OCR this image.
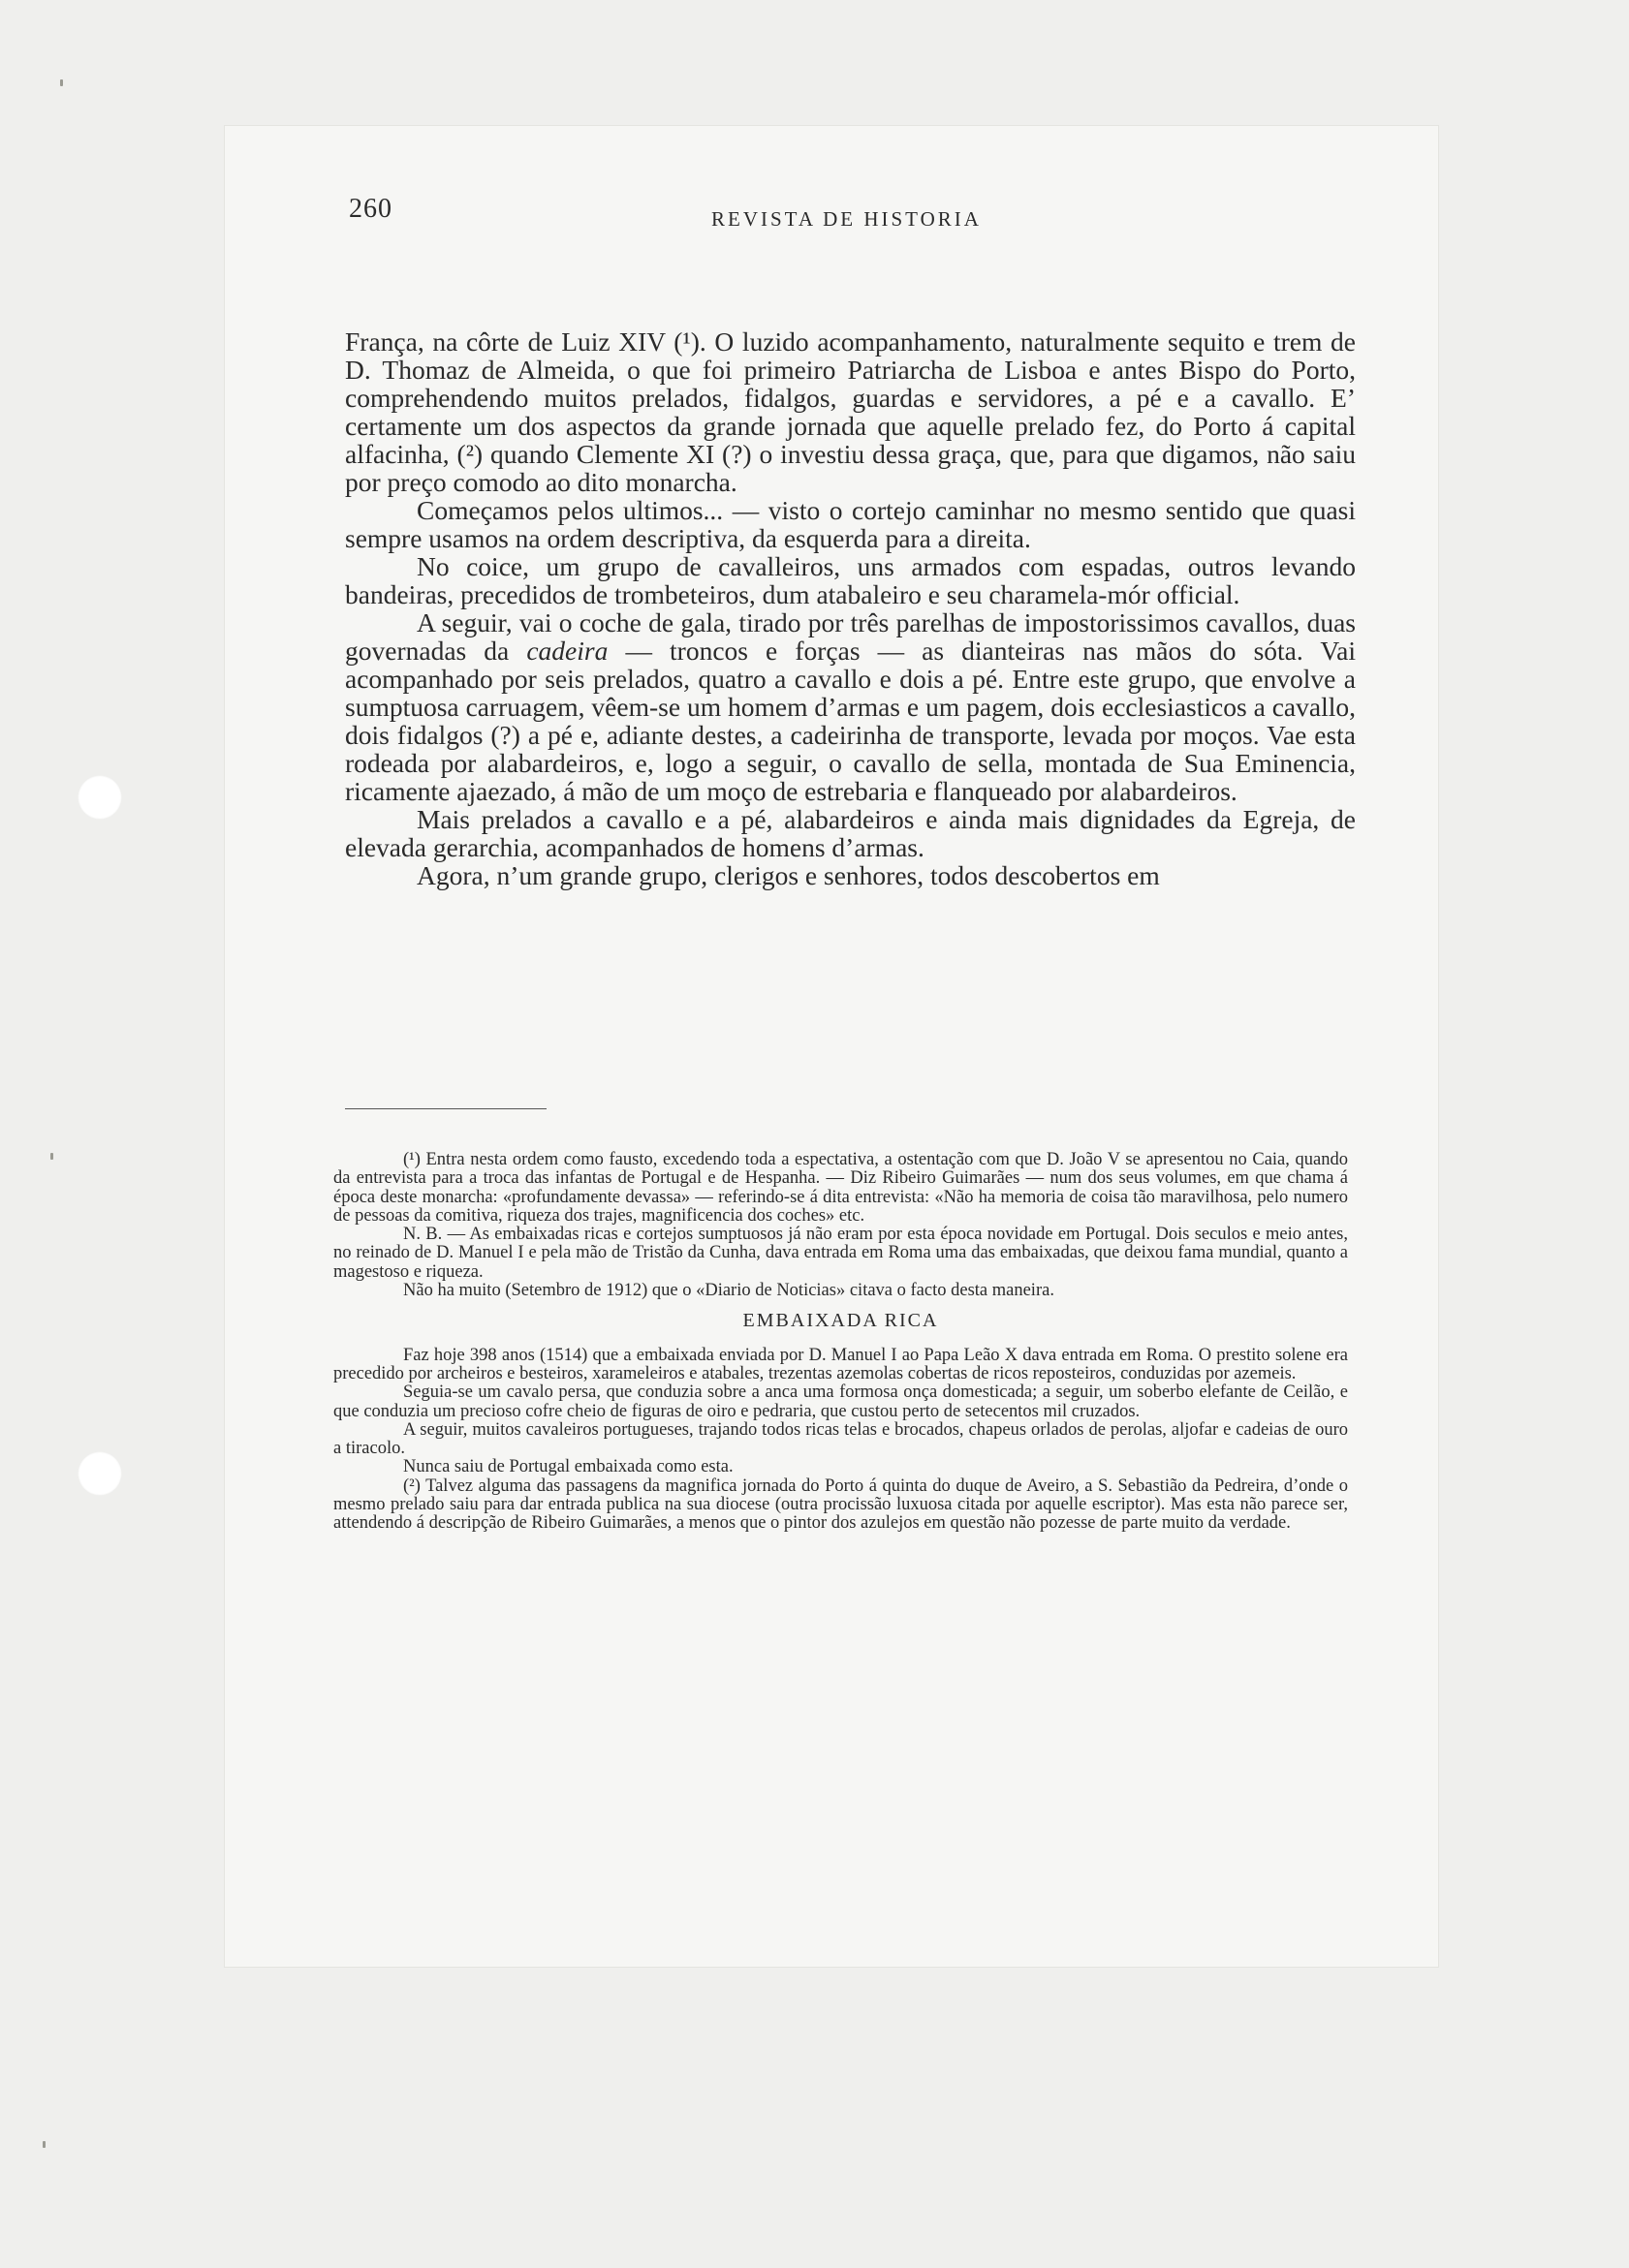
260	REVISTA DE HISTORIA

França, na côrte de Luiz XIV (¹). O luzido acompanhamento, naturalmente sequito e trem de D. Thomaz de Almeida, o que foi primeiro Patriarcha de Lisboa e antes Bispo do Porto, comprehendendo muitos prelados, fidalgos, guardas e servidores, a pé e a cavallo. E’ certamente um dos aspectos da grande jornada que aquelle prelado fez, do Porto á capital alfacinha, (²) quando Clemente XI (?) o investiu dessa graça, que, para que digamos, não saiu por preço comodo ao dito monarcha.

Começamos pelos ultimos... — visto o cortejo caminhar no mesmo sentido que quasi sempre usamos na ordem descriptiva, da esquerda para a direita.

No coice, um grupo de cavalleiros, uns armados com espadas, outros levando bandeiras, precedidos de trombeteiros, dum atabaleiro e seu charamela-mór official.

A seguir, vai o coche de gala, tirado por três parelhas de impostorissimos cavallos, duas governadas da cadeira — troncos e forças — as dianteiras nas mãos do sóta. Vai acompanhado por seis prelados, quatro a cavallo e dois a pé. Entre este grupo, que envolve a sumptuosa carruagem, vêem-se um homem d’armas e um pagem, dois ecclesiasticos a cavallo, dois fidalgos (?) a pé e, adiante destes, a cadeirinha de transporte, levada por moços. Vae esta rodeada por alabardeiros, e, logo a seguir, o cavallo de sella, montada de Sua Eminencia, ricamente ajaezado, á mão de um moço de estrebaria e flanqueado por alabardeiros.

Mais prelados a cavallo e a pé, alabardeiros e ainda mais dignidades da Egreja, de elevada gerarchia, acompanhados de homens d’armas.

Agora, n’um grande grupo, clerigos e senhores, todos descobertos em

(¹) Entra nesta ordem como fausto, excedendo toda a espectativa, a ostentação com que D. João V se apresentou no Caia, quando da entrevista para a troca das infantas de Portugal e de Hespanha. — Diz Ribeiro Guimarães — num dos seus volumes, em que chama á época deste monarcha: «profundamente devassa» — referindo-se á dita entrevista: «Não ha memoria de coisa tão maravilhosa, pelo numero de pessoas da comitiva, riqueza dos trajes, magnificencia dos coches» etc.

N. B. — As embaixadas ricas e cortejos sumptuosos já não eram por esta época novidade em Portugal. Dois seculos e meio antes, no reinado de D. Manuel I e pela mão de Tristão da Cunha, dava entrada em Roma uma das embaixadas, que deixou fama mundial, quanto a magestoso e riqueza.

Não ha muito (Setembro de 1912) que o «Diario de Noticias» citava o facto desta maneira.

EMBAIXADA RICA

Faz hoje 398 anos (1514) que a embaixada enviada por D. Manuel I ao Papa Leão X dava entrada em Roma. O prestito solene era precedido por archeiros e besteiros, xarameleiros e atabales, trezentas azemolas cobertas de ricos reposteiros, conduzidas por azemeis.

Seguia-se um cavalo persa, que conduzia sobre a anca uma formosa onça domesticada; a seguir, um soberbo elefante de Ceilão, e que conduzia um precioso cofre cheio de figuras de oiro e pedraria, que custou perto de setecentos mil cruzados.

A seguir, muitos cavaleiros portugueses, trajando todos ricas telas e brocados, chapeus orlados de perolas, aljofar e cadeias de ouro a tiracolo.

Nunca saiu de Portugal embaixada como esta.

(²) Talvez alguma das passagens da magnifica jornada do Porto á quinta do duque de Aveiro, a S. Sebastião da Pedreira, d’onde o mesmo prelado saiu para dar entrada publica na sua diocese (outra procissão luxuosa citada por aquelle escriptor). Mas esta não parece ser, attendendo á descripção de Ribeiro Guimarães, a menos que o pintor dos azulejos em questão não pozesse de parte muito da verdade.
